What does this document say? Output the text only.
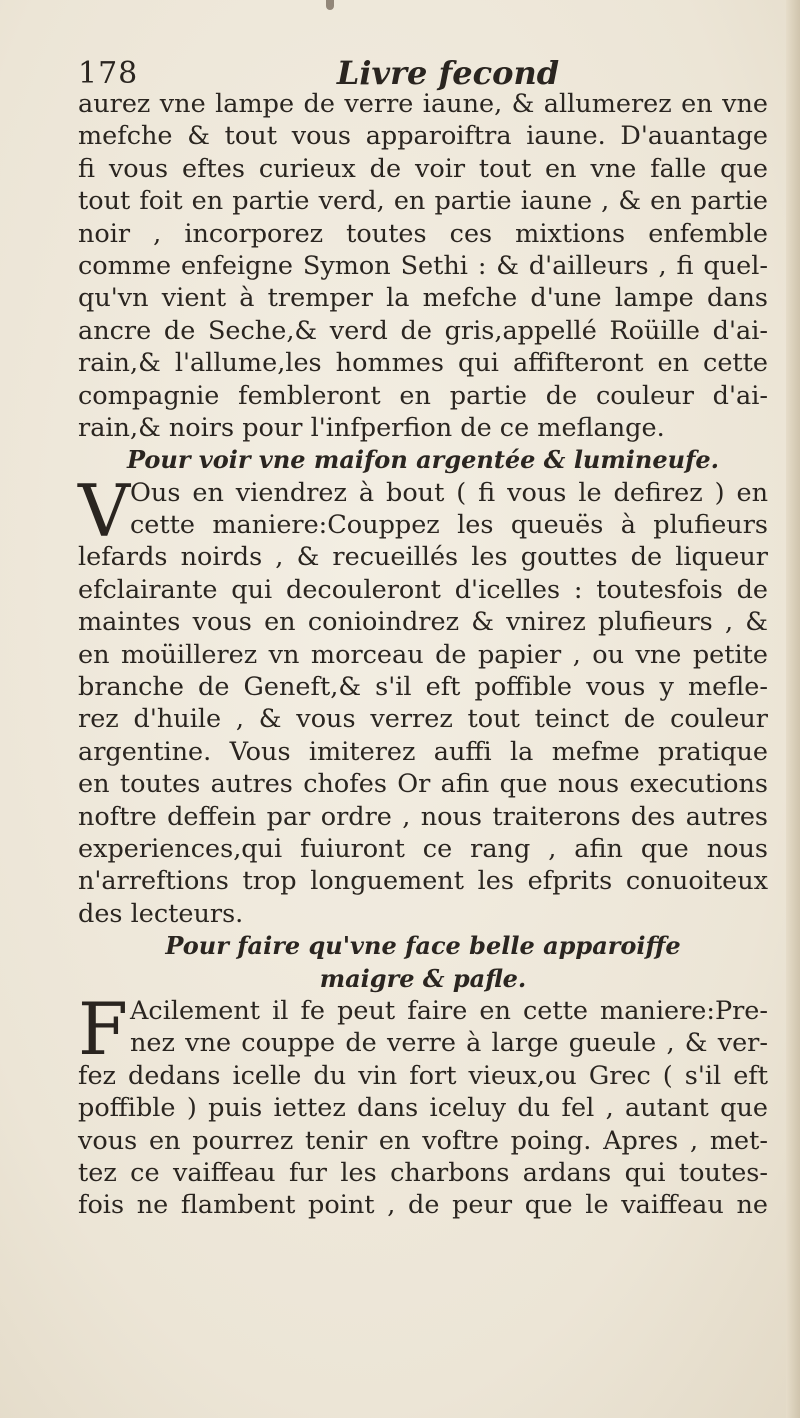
178	Livre fecond
aurez vne lampe de verre iaune, & allumerez en vne
mefche & tout vous apparoiftra iaune. D'auantage
fi vous eftes curieux de voir tout en vne falle que
tout foit en partie verd, en partie iaune , & en partie
noir , incorporez toutes ces mixtions enfemble
comme enfeigne Symon Sethi : & d'ailleurs , fi quel-
qu'vn vient à tremper la mefche d'une lampe dans
ancre de Seche,& verd de gris,appellé Roüille d'ai-
rain,& l'allume,les hommes qui affifteront en cette
compagnie fembleront en partie de couleur d'ai-
rain,& noirs pour l'infperfion de ce meflange.
Pour voir vne maifon argentée & lumineufe.
V Ous en viendrez à bout ( fi vous le defirez ) en
cette maniere:Couppez les queuës à plufieurs
lefards noirds , & recueillés les gouttes de liqueur
efclairante qui decouleront d'icelles : toutesfois de
maintes vous en conioindrez & vnirez plufieurs , &
en moüillerez vn morceau de papier , ou vne petite
branche de Geneft,& s'il eft poffible vous y mefle-
rez d'huile , & vous verrez tout teinct de couleur
argentine. Vous imiterez auffi la mefme pratique
en toutes autres chofes Or afin que nous executions
noftre deffein par ordre , nous traiterons des autres
experiences,qui fuiuront ce rang , afin que nous
n'arreftions trop longuement les efprits conuoiteux
des lecteurs.
Pour faire qu'vne face belle apparoiffe
maigre & pafle.
F Acilement il fe peut faire en cette maniere:Pre-
nez vne couppe de verre à large gueule , & ver-
fez dedans icelle du vin fort vieux,ou Grec ( s'il eft
poffible ) puis iettez dans iceluy du fel , autant que
vous en pourrez tenir en voftre poing. Apres , met-
tez ce vaiffeau fur les charbons ardans qui toutes-
fois ne flambent point , de peur que le vaiffeau ne
